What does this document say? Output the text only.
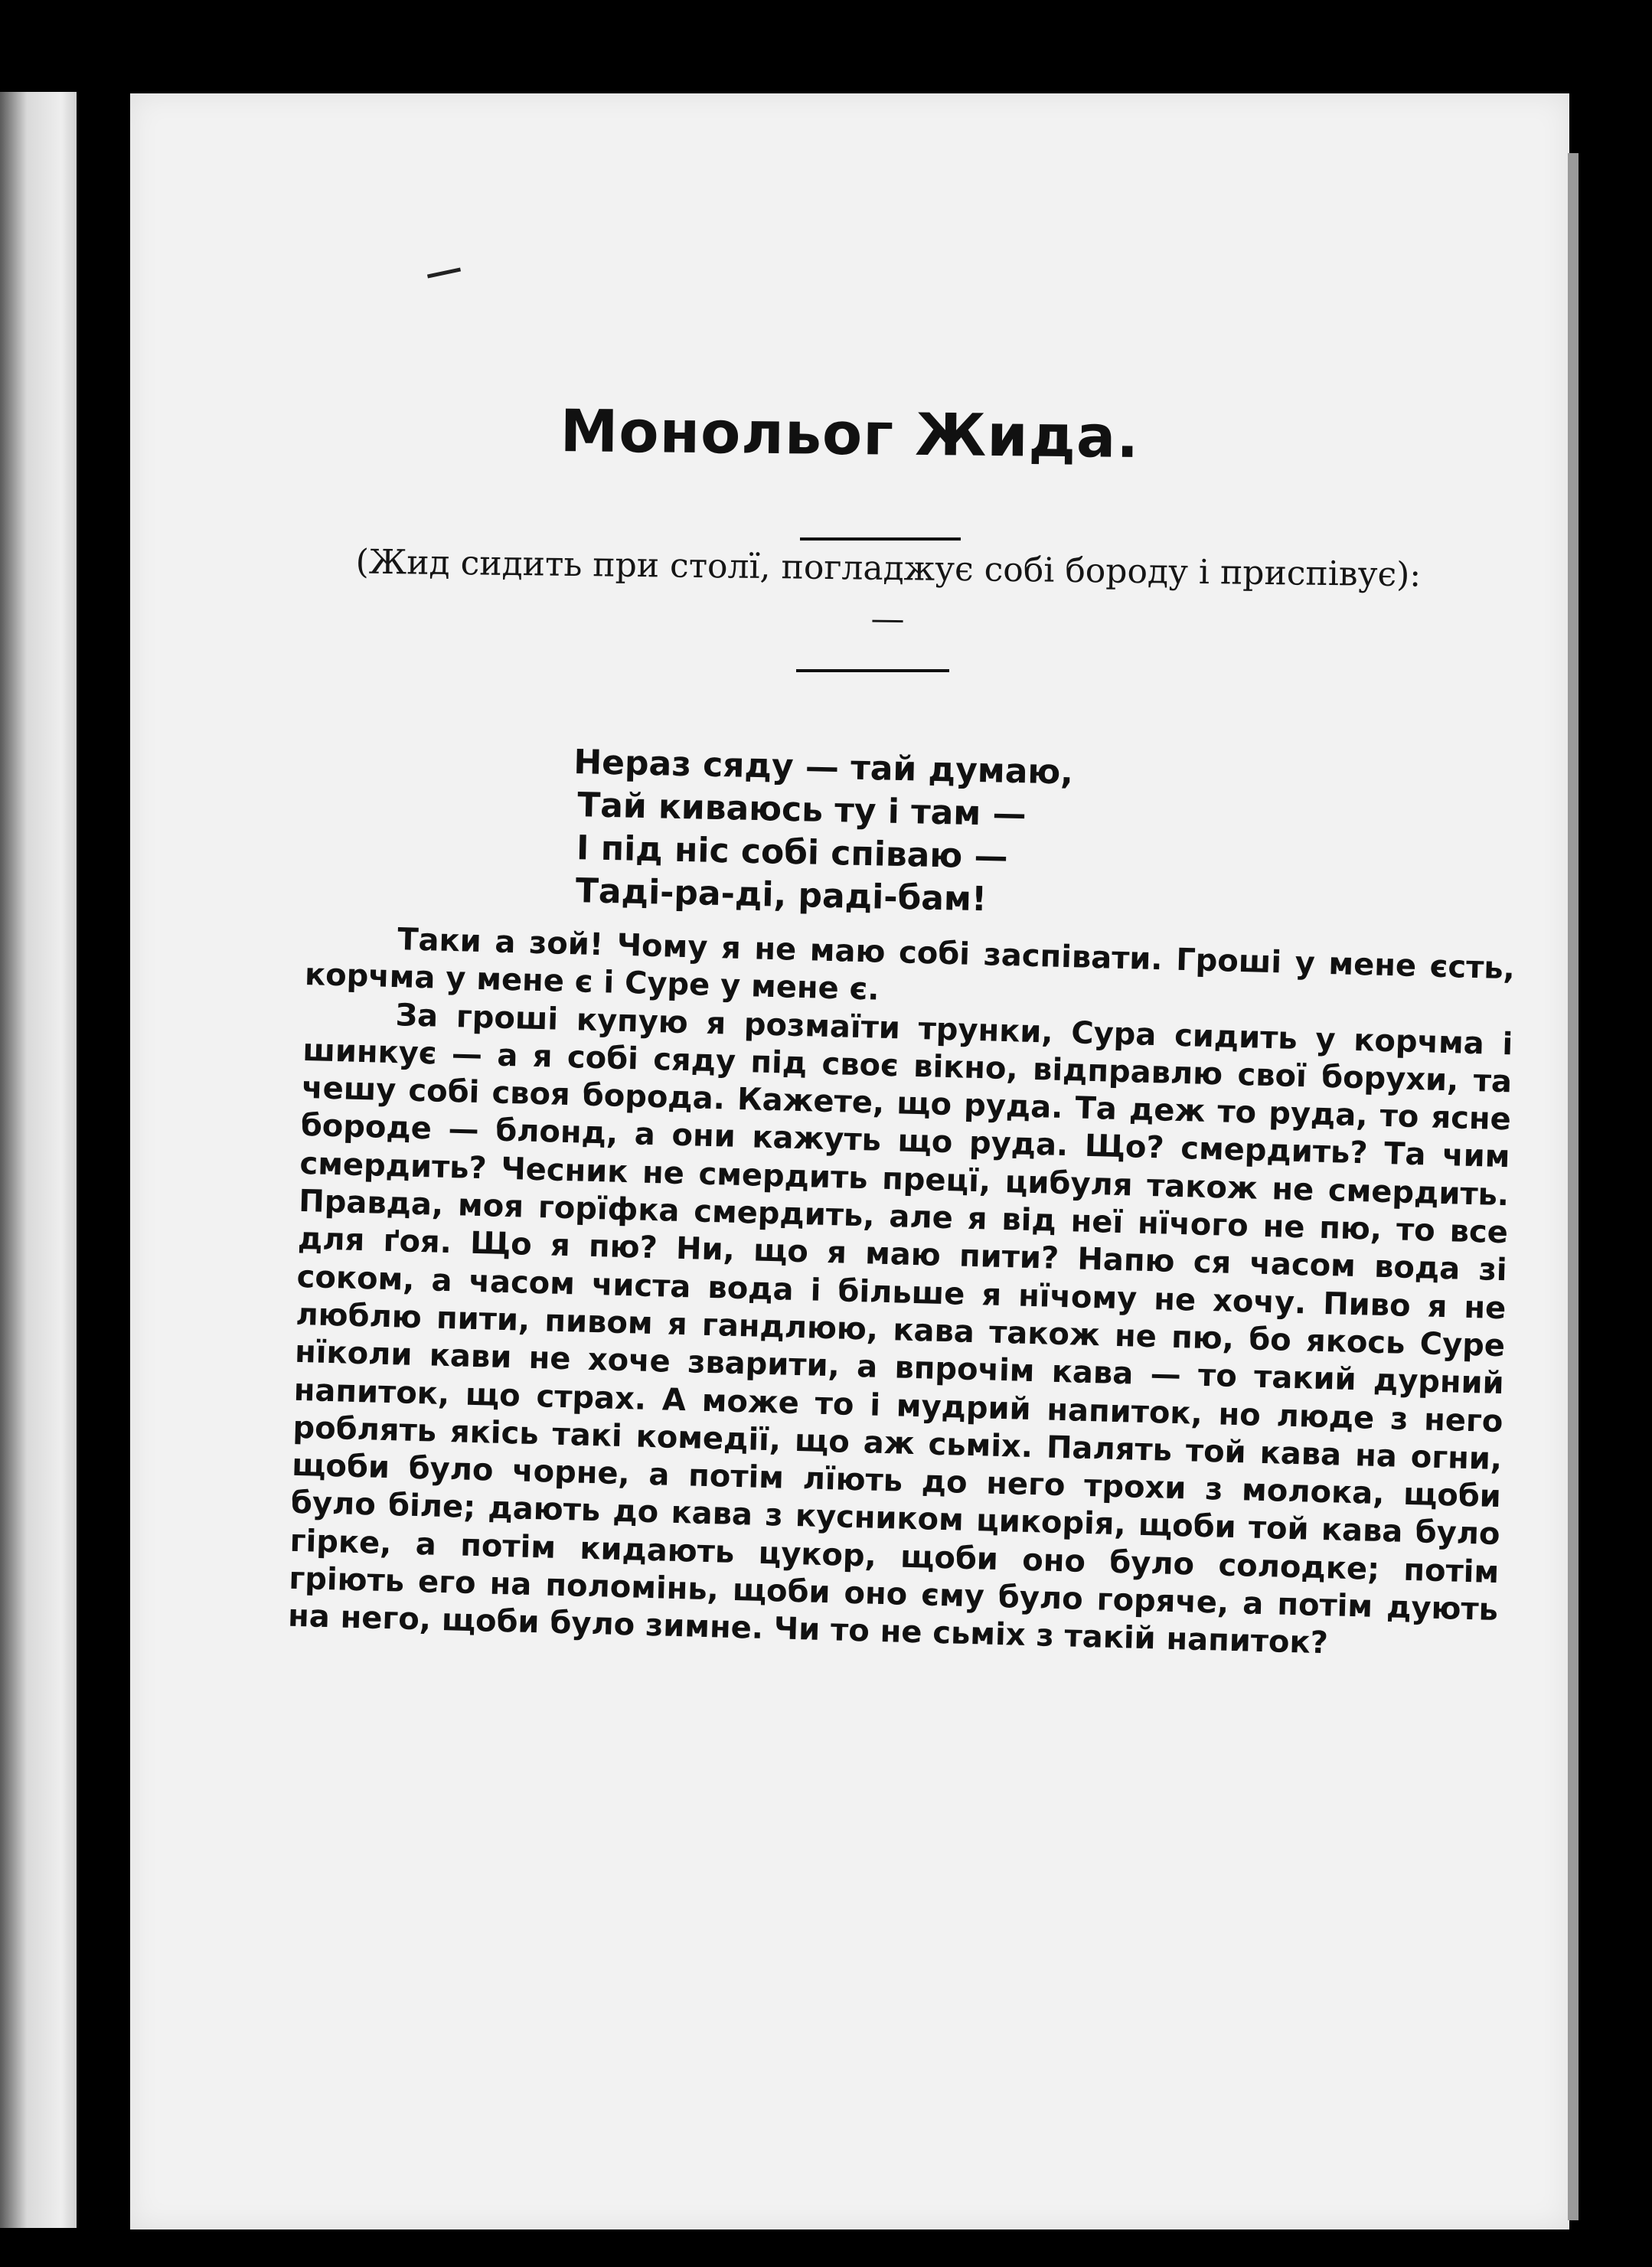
Монольог Жида.

(Жид сидить при столї, погладжує собі бороду і приспівує): —

Нераз сяду — тай думаю,
Тай киваюсь ту і там —
І під ніс собі співаю —
Таді-ра-ді, раді-бам!

Таки а зой! Чому я не маю собі заспівати. Гроші у мене єсть, корчма у мене є і Суре у мене є.

За гроші купую я розмаїти трунки, Сура сидить у корчма і шинкує — а я собі сяду під своє вікно, відправлю свої борухи, та чешу собі своя борода. Кажете, що руда. Та деж то руда, то ясне бороде — блонд, а они кажуть що руда. Що? смердить? Та чим смердить? Чесник не смердить прецї, цибуля також не смердить. Правда, моя горїфка смердить, але я від неї нїчого не пю, то все для ґоя. Що я пю? Ни, що я маю пити? Напю ся часом вода зі соком, а часом чиста вода і більше я нїчому не хочу. Пиво я не люблю пити, пивом я гандлюю, кава також не пю, бо якось Суре нїколи кави не хоче зварити, а впрочім кава — то такий дурний напиток, що страх. А може то і мудрий напиток, но люде з него роблять якісь такі комедії, що аж сьміх. Палять той кава на огни, щоби було чорне, а потім лїють до него трохи з молока, щоби було біле; дають до кава з кусником цикорія, щоби той кава було гірке, а потім кидають цукор, щоби оно було солодке; потім гріють его на поломінь, щоби оно єму було горяче, а потім дують на него, щоби було зимне. Чи то не сьміх з такій напиток?
